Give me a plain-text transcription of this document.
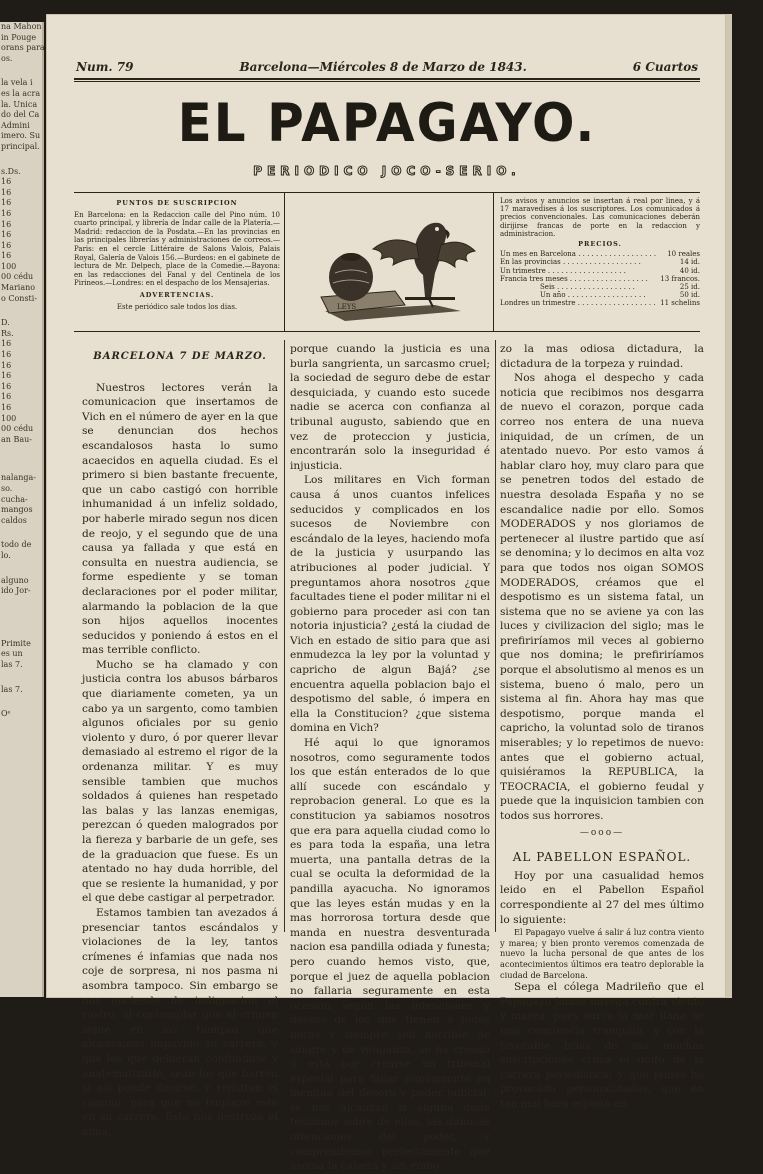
na Mahon
in Pouge
orans para
os.
la vela i
es la acra
la. Unica
do del Ca
Admini
imero. Su
principal.
s.Ds.
16
16
16
16
16
16
16
16
100
00 cédu
Mariano
o Consti-
D.
Rs.
16
16
16
16
16
16
16
100
00 cédu
an Bau-
nalanga-
so.
cucha-
mangos
caldos
todo de
lo.
alguno
ido Jor-
Primite
es un
las 7.
las 7.
Oᵉ
Num. 79	Barcelona—Miércoles 8 de Marzo de 1843.	6 Cuartos
EL PAPAGAYO.
PERIODICO JOCO-SERIO.
PUNTOS DE SUSCRIPCION
En Barcelona: en la Redaccion calle del Pino núm. 10 cuarto principal, y librería de Indar calle de la Platería.—Madrid: redaccion de la Posdata.—En las provincias en las principales librerías y administraciones de correos.—Paris: en el cercle Littéraire de Salons Valois, Palais Royal, Galería de Valois 156.—Burdeos: en el gabinete de lectura de Mr. Delpech, place de la Comedie.—Bayona: en las redacciones del Fanal y del Centinela de los Pirineos.—Londres: en el despacho de los Mensajerias.
ADVERTENCIAS.
Este periódico sale todos los dias.	LEYS
Los avisos y anuncios se insertan á real por linea, y á 17 maravedises á los suscriptores. Los comunicados á precios convencionales. Las comunicaciones deberán dirijirse francas de porte en la redaccion y administracion.
PRECIOS.
Un mes en Barcelona . . . . . . . . . . . . . . . . . .	10 reales
En las provincias . . . . . . . . . . . . . . . . . .	14 id.
Un trimestre . . . . . . . . . . . . . . . . . .	40 id.
Francia tres meses . . . . . . . . . . . . . . . . . .	13 francos.
Seis . . . . . . . . . . . . . . . . . .	25 id.
Un año . . . . . . . . . . . . . . . . . .	50 id.
Londres un trimestre . . . . . . . . . . . . . . . . . . 11 schelins
BARCELONA 7 DE MARZO.

Nuestros lectores verán la comunicacion que insertamos de Vich en el número de ayer en la que se denuncian dos hechos escandalosos hasta lo sumo acaecidos en aquella ciudad. Es el primero si bien bastante frecuente, que un cabo castigó con horrible inhumanidad á un infeliz soldado, por haberle mirado segun nos dicen de reojo, y el segundo que de una causa ya fallada y que está en consulta en nuestra audiencia, se forme espediente y se toman declaraciones por el poder militar, alarmando la poblacion de la que son hijos aquellos inocentes seducidos y poniendo á estos en el mas terrible conflicto.

Mucho se ha clamado y con justicia contra los abusos bárbaros que diariamente cometen, ya un cabo ya un sargento, como tambien algunos oficiales por su genio violento y duro, ó por querer llevar demasiado al estremo el rigor de la ordenanza militar. Y es muy sensible tambien que muchos soldados á quienes han respetado las balas y las lanzas enemigas, perezcan ó queden malogrados por la fiereza y barbarie de un gefe, ses de la graduacion que fuese. Es un atentado no hay duda horrible, del que se resiente la humanidad, y por el que debe castigar al perpetrador.

Estamos tambien tan avezados á presenciar tantos escándalos y violaciones de la ley, tantos crímenes é infamias que nada nos coje de sorpresa, ni nos pasma ni asombra tampoco. Sin embargo se nos enciende de indignacion el rostro, al contemplar que el crimen sigue en los tiempos que alcanzamos impávido su carrera, y que los que debieran confundirle y anatematizarle, sean los que barren si asi puede decirse, y rejistran el camino, para que no tropieze este en su carrera. Esto nos destroza el alma,

porque cuando la justicia es una burla sangrienta, un sarcasmo cruel; la sociedad de seguro debe de estar desquiciada, y cuando esto sucede nadie se acerca con confianza al tribunal augusto, sabiendo que en vez de proteccion y justicia, encontrarán solo la inseguridad é injusticia.

Los militares en Vich forman causa á unos cuantos infelices seducidos y complicados en los sucesos de Noviembre con escándalo de la leyes, haciendo mofa de la justicia y usurpando las atribuciones al poder judicial. Y preguntamos ahora nosotros ¿que facultades tiene el poder militar ni el gobierno para proceder asi con tan notoria injusticia? ¿está la ciudad de Vich en estado de sitio para que asi enmudezca la ley por la voluntad y capricho de algun Bajá? ¿se encuentra aquella poblacion bajo el despotismo del sable, ó impera en ella la Constitucion? ¿que sistema domina en Vich?

Hé aqui lo que ignoramos nosotros, como seguramente todos los que están enterados de lo que allí sucede con escándalo y reprobacion general. Lo que es la constitucion ya sabiamos nosotros que era para aquella ciudad como lo es para toda la españa, una letra muerta, una pantalla detras de la cual se oculta la deformidad de la pandilla ayacucha. No ignoramos que las leyes están mudas y en la mas horrorosa tortura desde que manda en nuestra desventurada nacion esa pandilla odiada y funesta; pero cuando hemos visto, que, porque el juez de aquella poblacion no fallaria seguramente en esta ocasion segun las intenciones y deseos de los que tienen á todas horas y siempre sed horrible de sangre y de venganza, se ha creado ó está por crearse un tribunal especial para fallar nuevamente en mengua del decoro y poder judicial; se nos alcanzan si alguna duda teniamos sobre de ellos, las dañosas intenciones del poder, y comprendemos perfectamente que asoma la cabeza y sin embo-

zo la mas odiosa dictadura, la dictadura de la torpeza y ruindad.

Nos ahoga el despecho y cada noticia que recibimos nos desgarra de nuevo el corazon, porque cada correo nos entera de una nueva iniquidad, de un crímen, de un atentado nuevo. Por esto vamos á hablar claro hoy, muy claro para que se penetren todos del estado de nuestra desolada España y no se escandalice nadie por ello. Somos MODERADOS y nos gloriamos de pertenecer al ilustre partido que así se denomina; y lo decimos en alta voz para que todos nos oigan SOMOS MODERADOS, créamos que el despotismo es un sistema fatal, un sistema que no se aviene ya con las luces y civilizacion del siglo; mas le prefiriríamos mil veces al gobierno que nos domina; le prefiriríamos porque el absolutismo al menos es un sistema, bueno ó malo, pero un sistema al fin. Ahora hay mas que despotismo, porque manda el capricho, la voluntad solo de tiranos miserables; y lo repetimos de nuevo: antes que el gobierno actual, quisiéramos la REPUBLICA, la TEOCRACIA, el gobierno feudal y puede que la inquisicion tambien con todos sus horrores.

—ooo—
AL PABELLON ESPAÑOL.

Hoy por una casualidad hemos leido en el Pabellon Español correspondiente al 27 del mes último lo siguiente:

El Papagayo vuelve á salir á luz contra viento y marea; y bien pronto veremos comenzada de nuevo la lucha personal de que antes de los acontecimientos últimos era teatro deplorable la ciudad de Barcelona.

Sepa el cólega Madrileño que el Papagayo jamas navega contra viento y marea, pues surca la mar llana de una conciencia tranquila, y con la favorable brisa de sus muchas suscripciones cruza el golfo de la carrera periodística; y que jamas ha provocado personalidades, que en tan mal hora esplotó en
